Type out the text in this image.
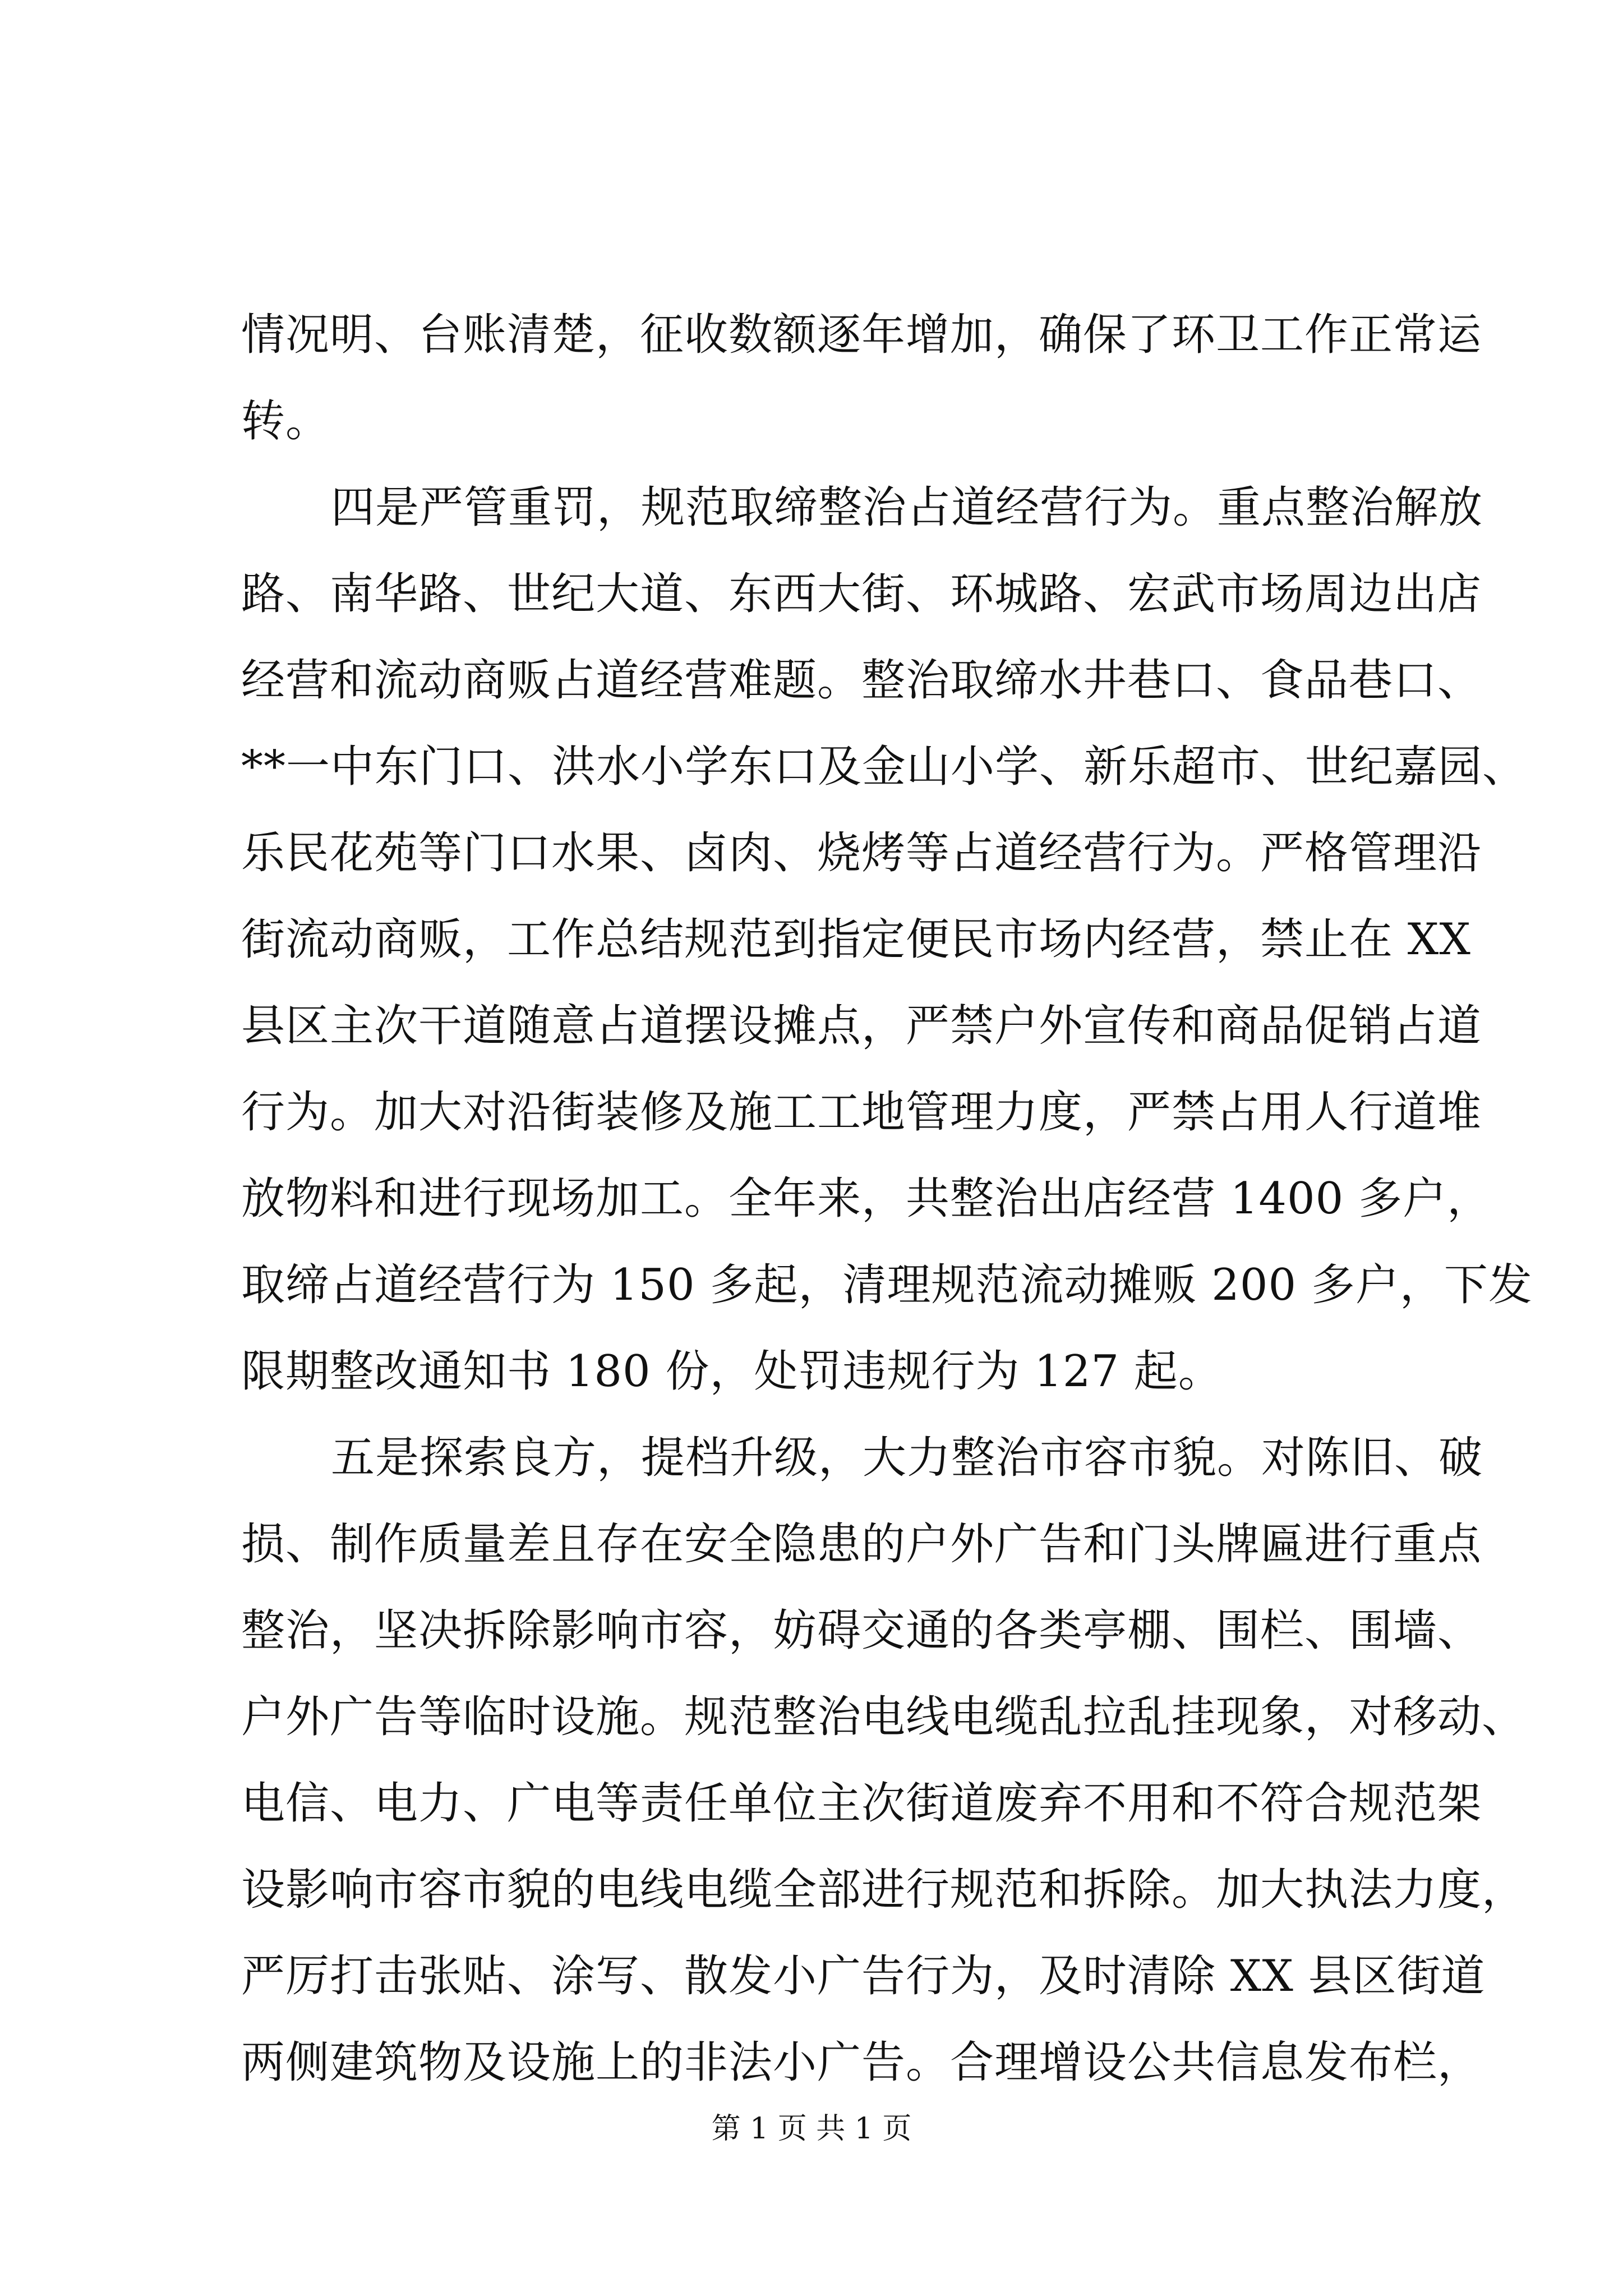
情况明、台账清楚，征收数额逐年增加，确保了环卫工作正常运
转。
四是严管重罚，规范取缔整治占道经营行为。重点整治解放
路、南华路、世纪大道、东西大街、环城路、宏武市场周边出店
经营和流动商贩占道经营难题。整治取缔水井巷口、食品巷口、
**一中东门口、洪水小学东口及金山小学、新乐超市、世纪嘉园、
乐民花苑等门口水果、卤肉、烧烤等占道经营行为。严格管理沿
街流动商贩，工作总结规范到指定便民市场内经营，禁止在 XX
县区主次干道随意占道摆设摊点，严禁户外宣传和商品促销占道
行为。加大对沿街装修及施工工地管理力度，严禁占用人行道堆
放物料和进行现场加工。全年来，共整治出店经营 1400 多户，
取缔占道经营行为 150 多起，清理规范流动摊贩 200 多户，下发
限期整改通知书 180 份，处罚违规行为 127 起。
五是探索良方，提档升级，大力整治市容市貌。对陈旧、破
损、制作质量差且存在安全隐患的户外广告和门头牌匾进行重点
整治，坚决拆除影响市容，妨碍交通的各类亭棚、围栏、围墙、
户外广告等临时设施。规范整治电线电缆乱拉乱挂现象，对移动、
电信、电力、广电等责任单位主次街道废弃不用和不符合规范架
设影响市容市貌的电线电缆全部进行规范和拆除。加大执法力度，
严厉打击张贴、涂写、散发小广告行为，及时清除 XX 县区街道
两侧建筑物及设施上的非法小广告。合理增设公共信息发布栏，
第 1 页 共 1 页
